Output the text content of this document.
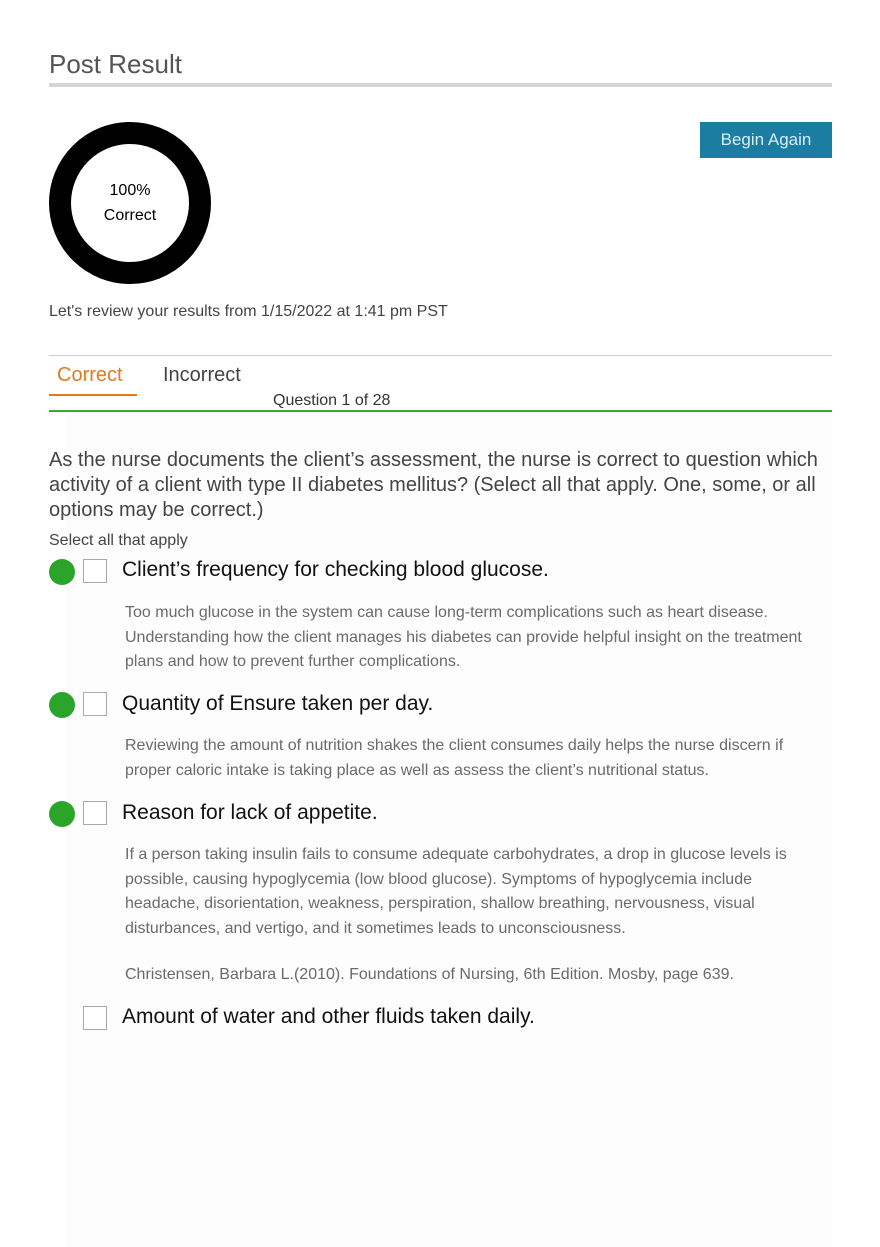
Post Result
Begin Again
100%
Correct
Let's review your results from 1/15/2022 at 1:41 pm PST
Correct Incorrect
Question 1 of 28
As the nurse documents the client’s assessment, the nurse is correct to question which activity of a client with type II diabetes mellitus? (Select all that apply. One, some, or all options may be correct.)
Select all that apply
Client’s frequency for checking blood glucose.
Too much glucose in the system can cause long-term complications such as heart disease. Understanding how the client manages his diabetes can provide helpful insight on the treatment plans and how to prevent further complications.
Quantity of Ensure taken per day.
Reviewing the amount of nutrition shakes the client consumes daily helps the nurse discern if proper caloric intake is taking place as well as assess the client’s nutritional status.
Reason for lack of appetite.
If a person taking insulin fails to consume adequate carbohydrates, a drop in glucose levels is possible, causing hypoglycemia (low blood glucose). Symptoms of hypoglycemia include headache, disorientation, weakness, perspiration, shallow breathing, nervousness, visual disturbances, and vertigo, and it sometimes leads to unconsciousness.
Christensen, Barbara L.(2010). Foundations of Nursing, 6th Edition. Mosby, page 639.
Amount of water and other fluids taken daily.
